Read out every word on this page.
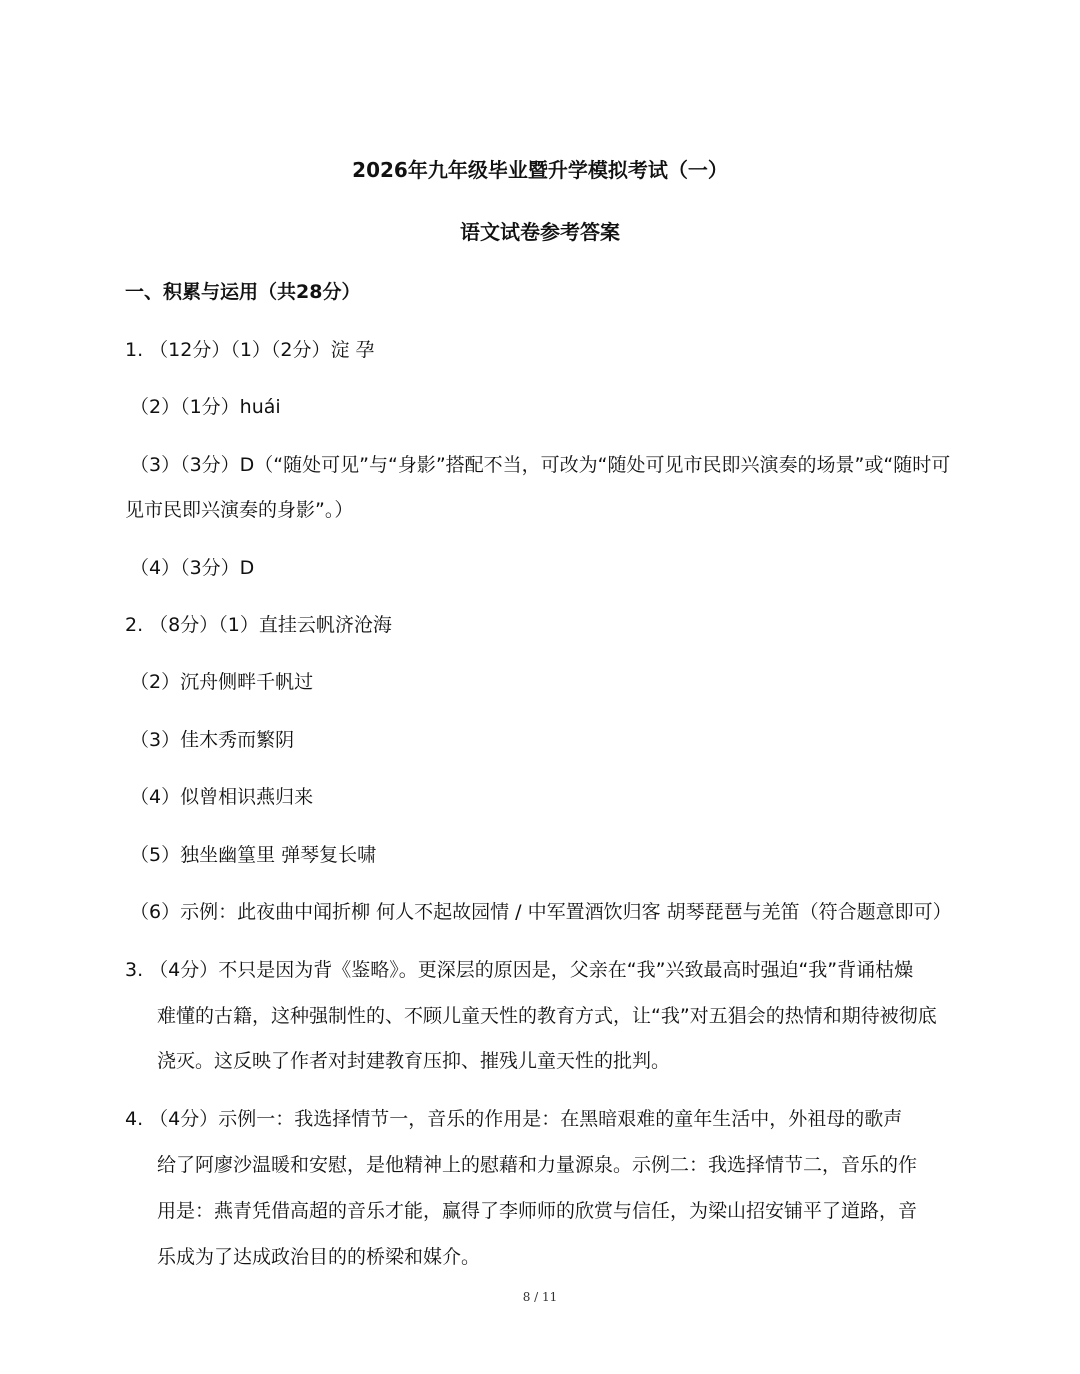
2026年九年级毕业暨升学模拟考试（一）
语文试卷参考答案
一、积累与运用（共28分）
1. （12分）（1）（2分）淀 孕
（2）（1分）huái
（3）（3分）D（“随处可见”与“身影”搭配不当，可改为“随处可见市民即兴演奏的场景”或“随时可
见市民即兴演奏的身影”。）
（4）（3分）D
2. （8分）（1）直挂云帆济沧海
（2）沉舟侧畔千帆过
（3）佳木秀而繁阴
（4）似曾相识燕归来
（5）独坐幽篁里 弹琴复长啸
（6）示例：此夜曲中闻折柳 何人不起故园情 / 中军置酒饮归客 胡琴琵琶与羌笛（符合题意即可）
3. （4分）不只是因为背《鉴略》。更深层的原因是，父亲在“我”兴致最高时强迫“我”背诵枯燥
难懂的古籍，这种强制性的、不顾儿童天性的教育方式，让“我”对五猖会的热情和期待被彻底
浇灭。这反映了作者对封建教育压抑、摧残儿童天性的批判。
4. （4分）示例一：我选择情节一，音乐的作用是：在黑暗艰难的童年生活中，外祖母的歌声
给了阿廖沙温暖和安慰，是他精神上的慰藉和力量源泉。示例二：我选择情节二，音乐的作
用是：燕青凭借高超的音乐才能，赢得了李师师的欣赏与信任，为梁山招安铺平了道路，音
乐成为了达成政治目的的桥梁和媒介。
8 / 11
